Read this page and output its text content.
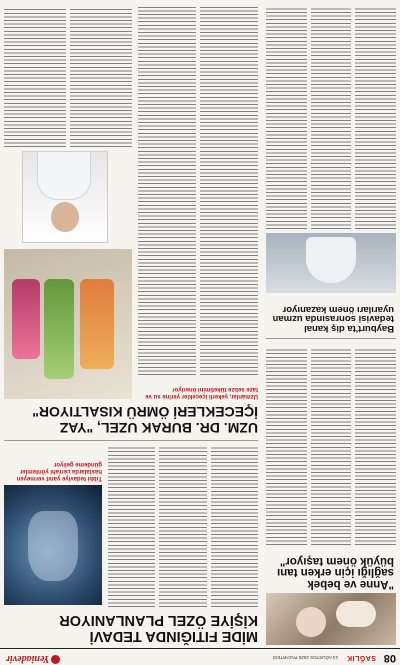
08
SAĞLIK
24 AĞUSTOS 2025 PAZARTESİ
Yeniadevir
"Anne ve bebek sağlığı için erken tanı büyük önem taşıyor"
Bayburt'ta diş kanal tedavisi sonrasında uzman uyarıları önem kazanıyor
MİDE FITIĞINDA TEDAVİ
KİŞİYE ÖZEL PLANLANIYOR
Tıbbi tedaviye yanıt vermeyen hastalarda cerrahi yöntemler gündeme geliyor
UZM. DR. BURAK UZEL, "YAZ
İÇECEKLERİ ÖMRÜ KISALTIYOR"
Uzmanlar, şekerli içecekler yerine su ve taze sebze tüketimini öneriyor
